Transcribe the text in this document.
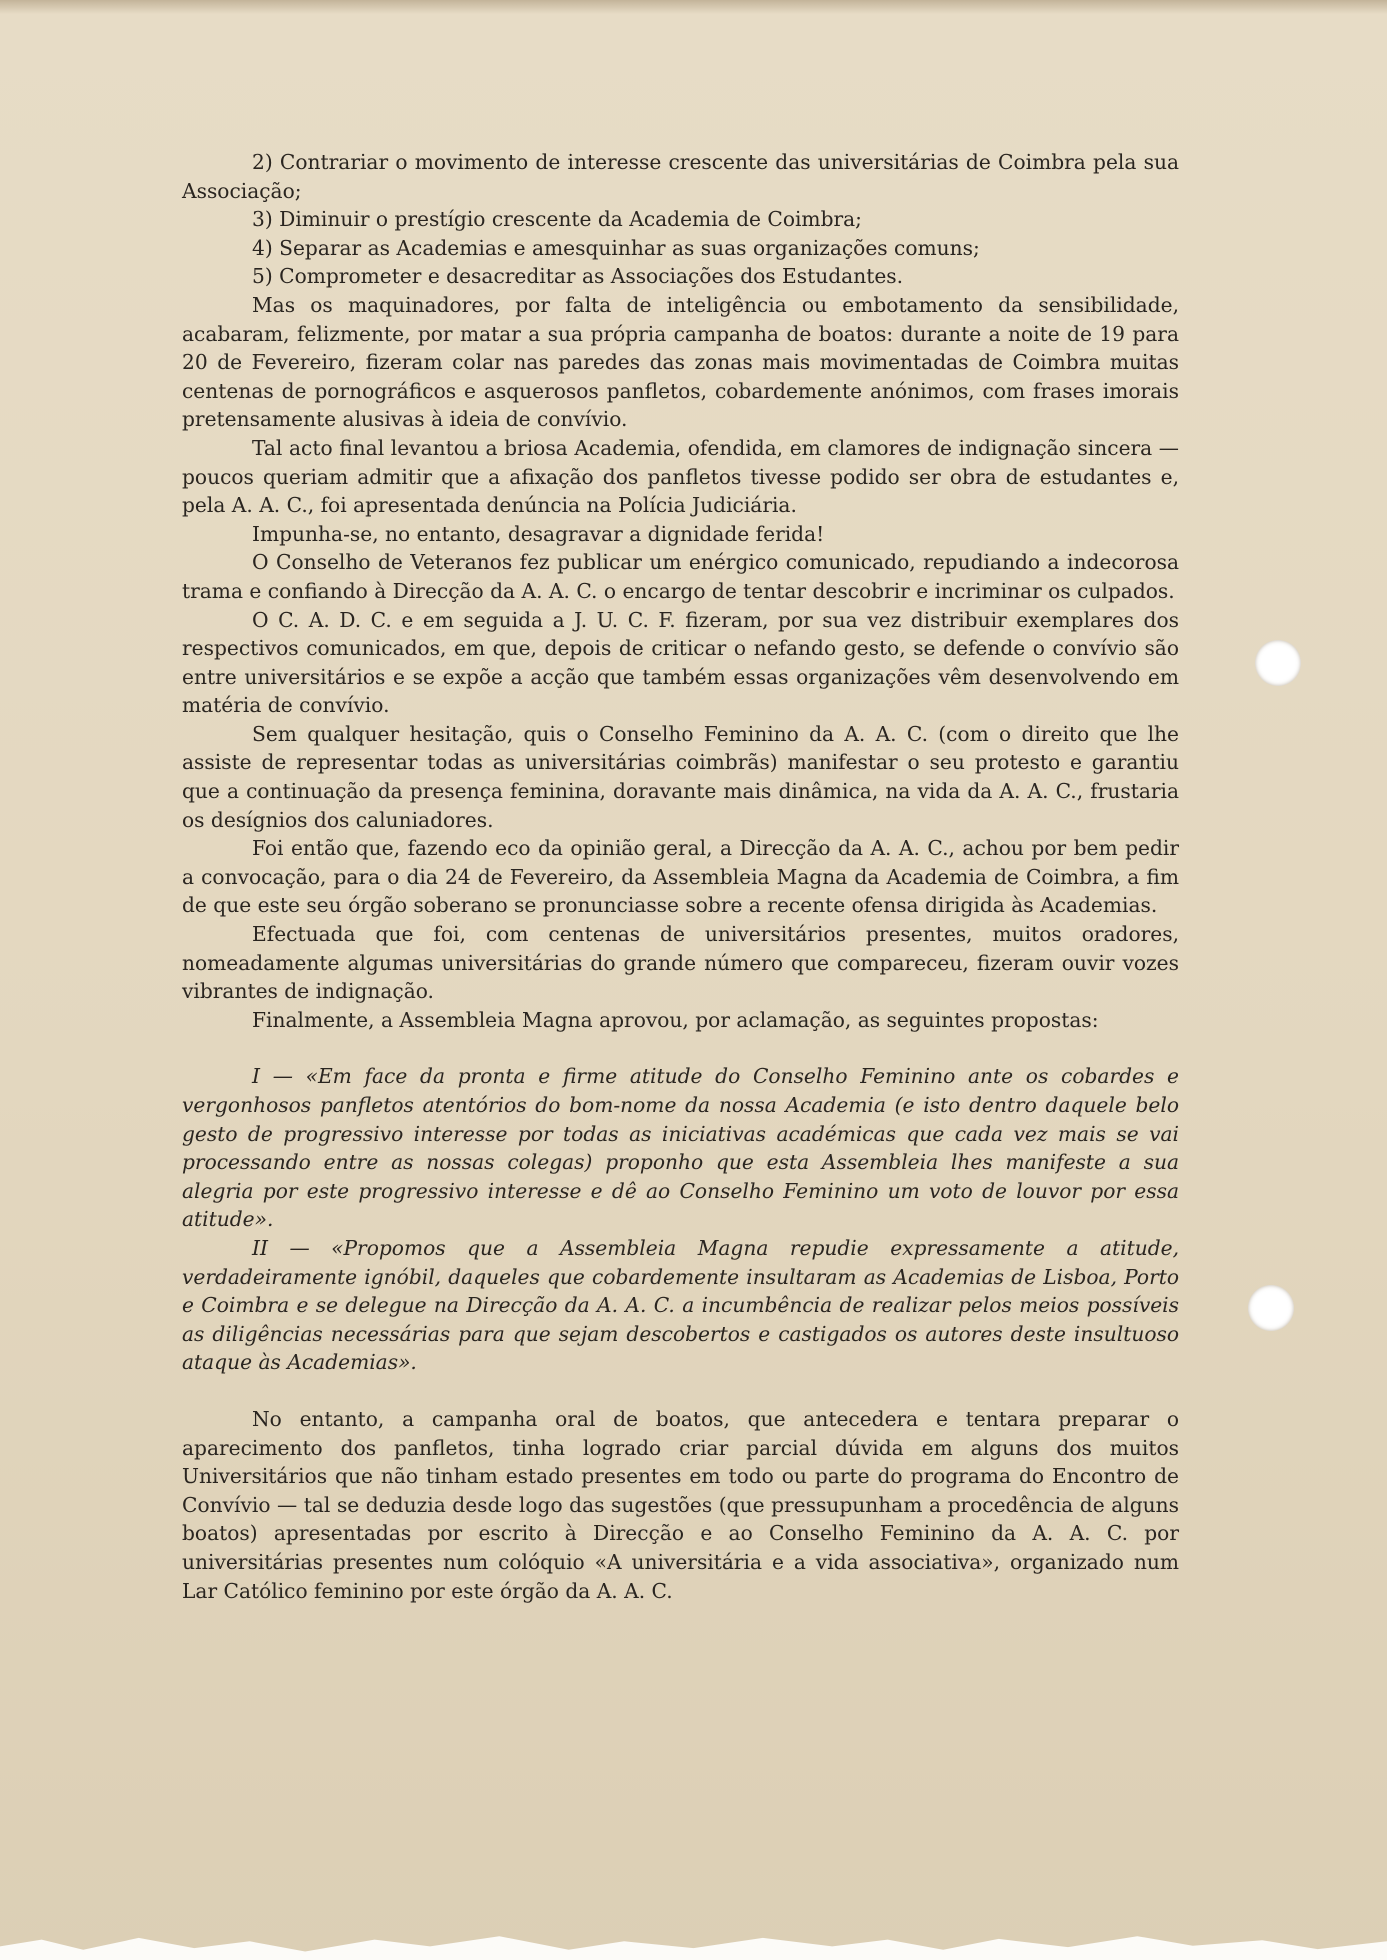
2) Contrariar o movimento de interesse crescente das universitárias de Coimbra pela sua Associação;

3) Diminuir o prestígio crescente da Academia de Coimbra;

4) Separar as Academias e amesquinhar as suas organizações comuns;

5) Comprometer e desacreditar as Associações dos Estudantes.

Mas os maquinadores, por falta de inteligência ou embotamento da sensibilidade, acabaram, felizmente, por matar a sua própria campanha de boatos: durante a noite de 19 para 20 de Fevereiro, fizeram colar nas paredes das zonas mais movimentadas de Coimbra muitas centenas de pornográficos e asquerosos panfletos, cobardemente anónimos, com frases imorais pretensamente alusivas à ideia de convívio.

Tal acto final levantou a briosa Academia, ofendida, em clamores de indignação sincera — poucos queriam admitir que a afixação dos panfletos tivesse podido ser obra de estudantes e, pela A. A. C., foi apresentada denúncia na Polícia Judiciária.

Impunha-se, no entanto, desagravar a dignidade ferida!

O Conselho de Veteranos fez publicar um enérgico comunicado, repudiando a indecorosa trama e confiando à Direcção da A. A. C. o encargo de tentar descobrir e incriminar os culpados.

O C. A. D. C. e em seguida a J. U. C. F. fizeram, por sua vez distribuir exemplares dos respectivos comunicados, em que, depois de criticar o nefando gesto, se defende o convívio são entre universitários e se expõe a acção que também essas organizações vêm desenvolvendo em matéria de convívio.

Sem qualquer hesitação, quis o Conselho Feminino da A. A. C. (com o direito que lhe assiste de representar todas as universitárias coimbrãs) manifestar o seu protesto e garantiu que a continuação da presença feminina, doravante mais dinâmica, na vida da A. A. C., frustaria os desígnios dos caluniadores.

Foi então que, fazendo eco da opinião geral, a Direcção da A. A. C., achou por bem pedir a convocação, para o dia 24 de Fevereiro, da Assembleia Magna da Academia de Coimbra, a fim de que este seu órgão soberano se pronunciasse sobre a recente ofensa dirigida às Academias.

Efectuada que foi, com centenas de universitários presentes, muitos oradores, nomeadamente algumas universitárias do grande número que compareceu, fizeram ouvir vozes vibrantes de indignação.

Finalmente, a Assembleia Magna aprovou, por aclamação, as seguintes propostas:

I — «Em face da pronta e firme atitude do Conselho Feminino ante os cobardes e vergonhosos panfletos atentórios do bom-nome da nossa Academia (e isto dentro daquele belo gesto de progressivo interesse por todas as iniciativas académicas que cada vez mais se vai processando entre as nossas colegas) proponho que esta Assembleia lhes manifeste a sua alegria por este progressivo interesse e dê ao Conselho Feminino um voto de louvor por essa atitude».

II — «Propomos que a Assembleia Magna repudie expressamente a atitude, verdadeiramente ignóbil, daqueles que cobardemente insultaram as Academias de Lisboa, Porto e Coimbra e se delegue na Direcção da A. A. C. a incumbência de realizar pelos meios possíveis as diligências necessárias para que sejam descobertos e castigados os autores deste insultuoso ataque às Academias».

No entanto, a campanha oral de boatos, que antecedera e tentara preparar o aparecimento dos panfletos, tinha logrado criar parcial dúvida em alguns dos muitos Universitários que não tinham estado presentes em todo ou parte do programa do Encontro de Convívio — tal se deduzia desde logo das sugestões (que pressupunham a procedência de alguns boatos) apresentadas por escrito à Direcção e ao Conselho Feminino da A. A. C. por universitárias presentes num colóquio «A universitária e a vida associativa», organizado num Lar Católico feminino por este órgão da A. A. C.
